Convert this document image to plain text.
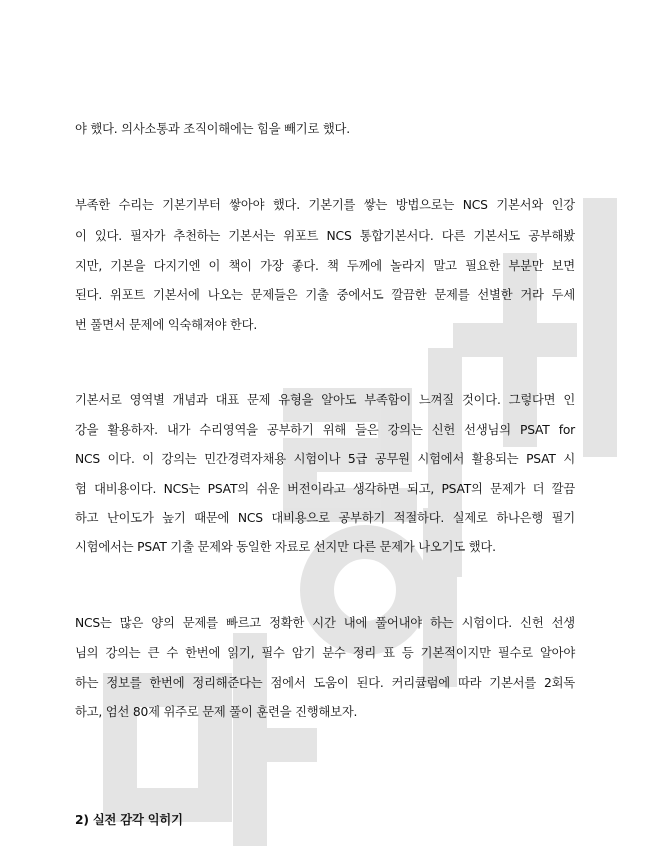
야 했다. 의사소통과 조직이해에는 힘을 빼기로 했다.
부족한 수리는 기본기부터 쌓아야 했다. 기본기를 쌓는 방법으로는 NCS 기본서와 인강
이 있다. 필자가 추천하는 기본서는 위포트 NCS 통합기본서다. 다른 기본서도 공부해봤
지만, 기본을 다지기엔 이 책이 가장 좋다. 책 두께에 놀라지 말고 필요한 부분만 보면
된다. 위포트 기본서에 나오는 문제들은 기출 중에서도 깔끔한 문제를 선별한 거라 두세
번 풀면서 문제에 익숙해져야 한다.
기본서로 영역별 개념과 대표 문제 유형을 알아도 부족함이 느껴질 것이다. 그렇다면 인
강을 활용하자. 내가 수리영역을 공부하기 위해 들은 강의는 신헌 선생님의 PSAT for
NCS 이다. 이 강의는 민간경력자채용 시험이나 5급 공무원 시험에서 활용되는 PSAT 시
험 대비용이다. NCS는 PSAT의 쉬운 버전이라고 생각하면 되고, PSAT의 문제가 더 깔끔
하고 난이도가 높기 때문에 NCS 대비용으로 공부하기 적절하다. 실제로 하나은행 필기
시험에서는 PSAT 기출 문제와 동일한 자료로 선지만 다른 문제가 나오기도 했다.
NCS는 많은 양의 문제를 빠르고 정확한 시간 내에 풀어내야 하는 시험이다. 신헌 선생
님의 강의는 큰 수 한번에 읽기, 필수 암기 분수 정리 표 등 기본적이지만 필수로 알아야
하는 정보를 한번에 정리해준다는 점에서 도움이 된다. 커리큘럼에 따라 기본서를 2회독
하고, 엄선 80제 위주로 문제 풀이 훈련을 진행해보자.
2) 실전 감각 익히기
